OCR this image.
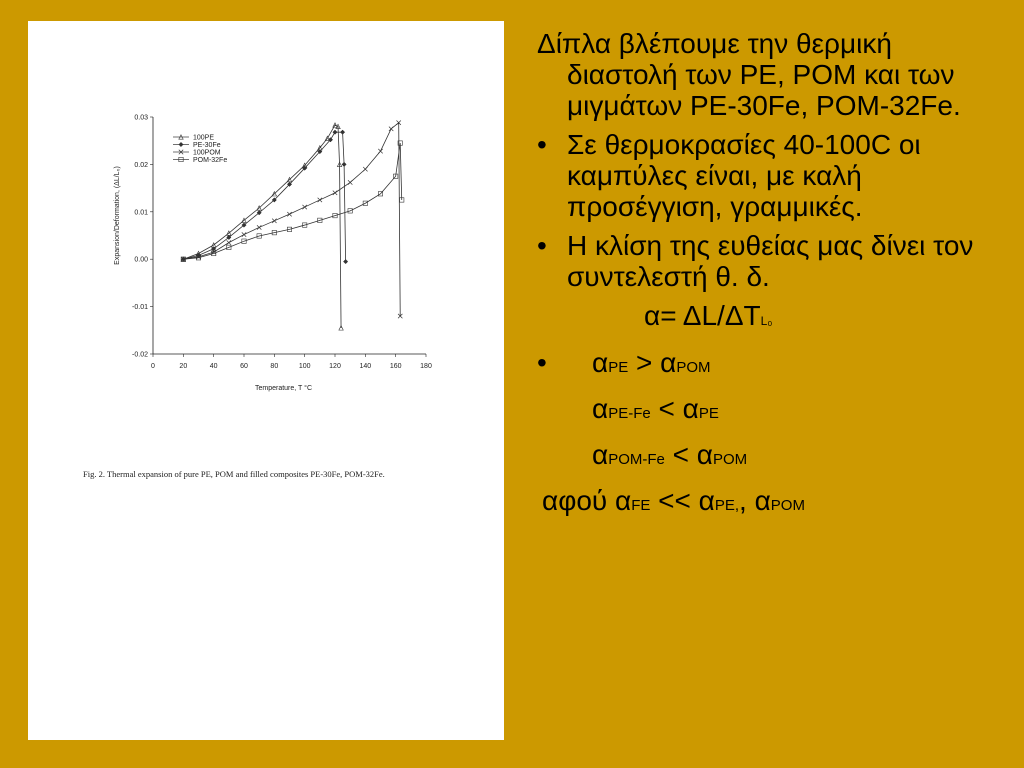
0	20	40	60	80	100	120	140	160	180
0.03
0.02
0.01
0.00
-0.01
-0.02
Temperature, T °C
Expansion/Deformation, (ΔL/L₀)
100PE
PE-30Fe
100POM
POM-32Fe
Fig. 2. Thermal expansion of pure PE, POM and filled composites PE-30Fe, POM-32Fe.
Δίπλα βλέπουμε την θερμική διαστολή των PE, POM και των μιγμάτων PE-30Fe, POM-32Fe.
• Σε θερμοκρασίες 40-100C οι καμπύλες είναι, με καλή προσέγγιση, γραμμικές.
• Η κλίση της ευθείας μας δίνει τον συντελεστή θ. δ.
α= ΔL/ΔTL₀
• αPE > αPOM
αPE-Fe < αPE
αPOM-Fe < αPOM
αφού αFE << αPE,, αPOM
